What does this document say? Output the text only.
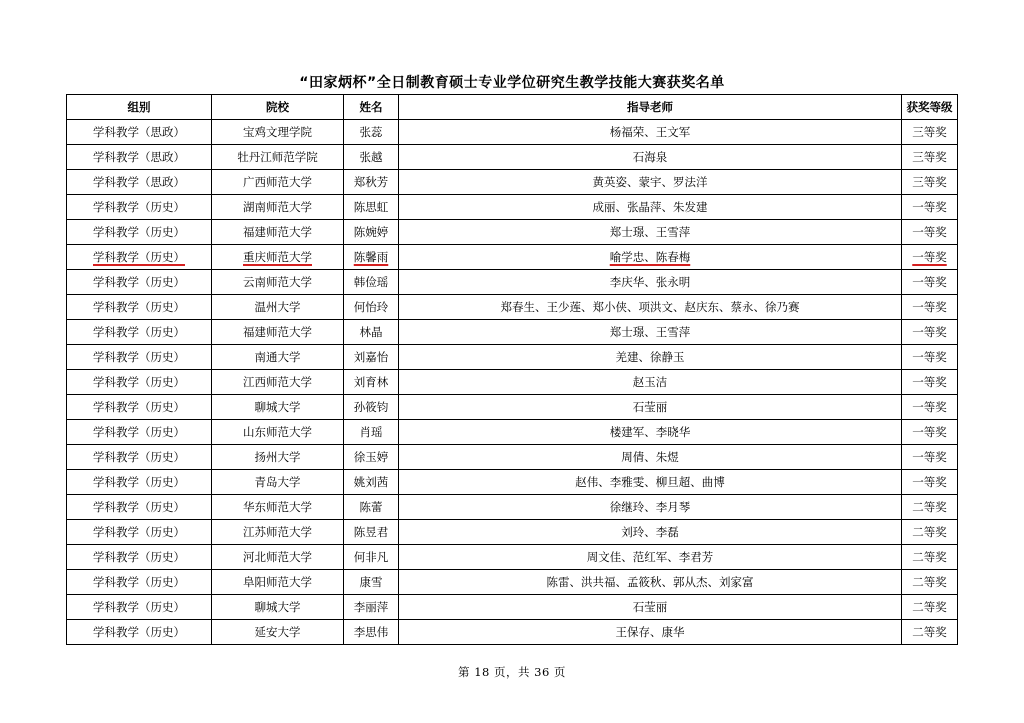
“田家炳杯”全日制教育硕士专业学位研究生教学技能大赛获奖名单
组别	院校	姓名	指导老师	获奖等级
学科教学（思政）	宝鸡文理学院	张蕊	杨福荣、王文军	三等奖
学科教学（思政）	牡丹江师范学院	张越	石海泉	三等奖
学科教学（思政）	广西师范大学	郑秋芳	黄英姿、蒙宇、罗法洋	三等奖
学科教学（历史）	湖南师范大学	陈思虹	成丽、张晶萍、朱发建	一等奖
学科教学（历史）	福建师范大学	陈婉婷	郑士璟、王雪萍	一等奖
学科教学（历史）	重庆师范大学	陈馨雨	喻学忠、陈春梅	一等奖
学科教学（历史）	云南师范大学	韩俭瑶	李庆华、张永明	一等奖
学科教学（历史）	温州大学	何怡玲	郑春生、王少莲、郑小侠、项洪文、赵庆东、蔡永、徐乃赛	一等奖
学科教学（历史）	福建师范大学	林晶	郑士璟、王雪萍	一等奖
学科教学（历史）	南通大学	刘嘉怡	羌建、徐静玉	一等奖
学科教学（历史）	江西师范大学	刘育林	赵玉洁	一等奖
学科教学（历史）	聊城大学	孙筱钧	石莹丽	一等奖
学科教学（历史）	山东师范大学	肖瑶	楼建军、李晓华	一等奖
学科教学（历史）	扬州大学	徐玉婷	周倩、朱煜	一等奖
学科教学（历史）	青岛大学	姚刘茜	赵伟、李雅雯、柳旦超、曲博	一等奖
学科教学（历史）	华东师范大学	陈蕾	徐继玲、李月琴	二等奖
学科教学（历史）	江苏师范大学	陈昱君	刘玲、李磊	二等奖
学科教学（历史）	河北师范大学	何非凡	周文佳、范红军、李君芳	二等奖
学科教学（历史）	阜阳师范大学	康雪	陈雷、洪共福、孟筱秋、郭从杰、刘家富	二等奖
学科教学（历史）	聊城大学	李丽萍	石莹丽	二等奖
学科教学（历史）	延安大学	李思伟	王保存、康华	二等奖
第 18 页，共 36 页
